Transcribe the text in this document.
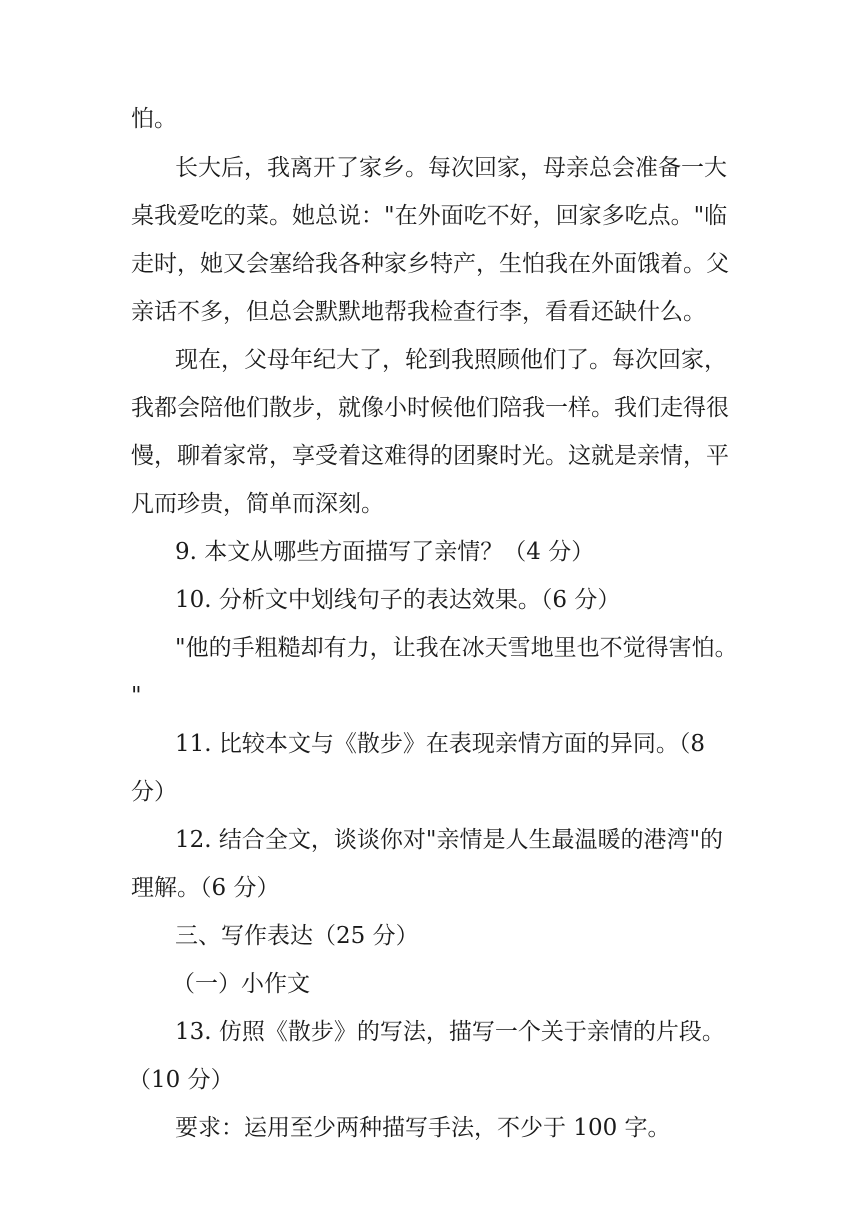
怕。
长大后，我离开了家乡。每次回家，母亲总会准备一大
桌我爱吃的菜。她总说："在外面吃不好，回家多吃点。"临
走时，她又会塞给我各种家乡特产，生怕我在外面饿着。父
亲话不多，但总会默默地帮我检查行李，看看还缺什么。
现在，父母年纪大了，轮到我照顾他们了。每次回家，
我都会陪他们散步，就像小时候他们陪我一样。我们走得很
慢，聊着家常，享受着这难得的团聚时光。这就是亲情，平
凡而珍贵，简单而深刻。
9. 本文从哪些方面描写了亲情？（4 分）
10. 分析文中划线句子的表达效果。（6 分）
"他的手粗糙却有力，让我在冰天雪地里也不觉得害怕。
"
11. 比较本文与《散步》在表现亲情方面的异同。（8
分）
12. 结合全文，谈谈你对"亲情是人生最温暖的港湾"的
理解。（6 分）
三、写作表达（25 分）
（一）小作文
13. 仿照《散步》的写法，描写一个关于亲情的片段。
（10 分）
要求：运用至少两种描写手法，不少于 100 字。
